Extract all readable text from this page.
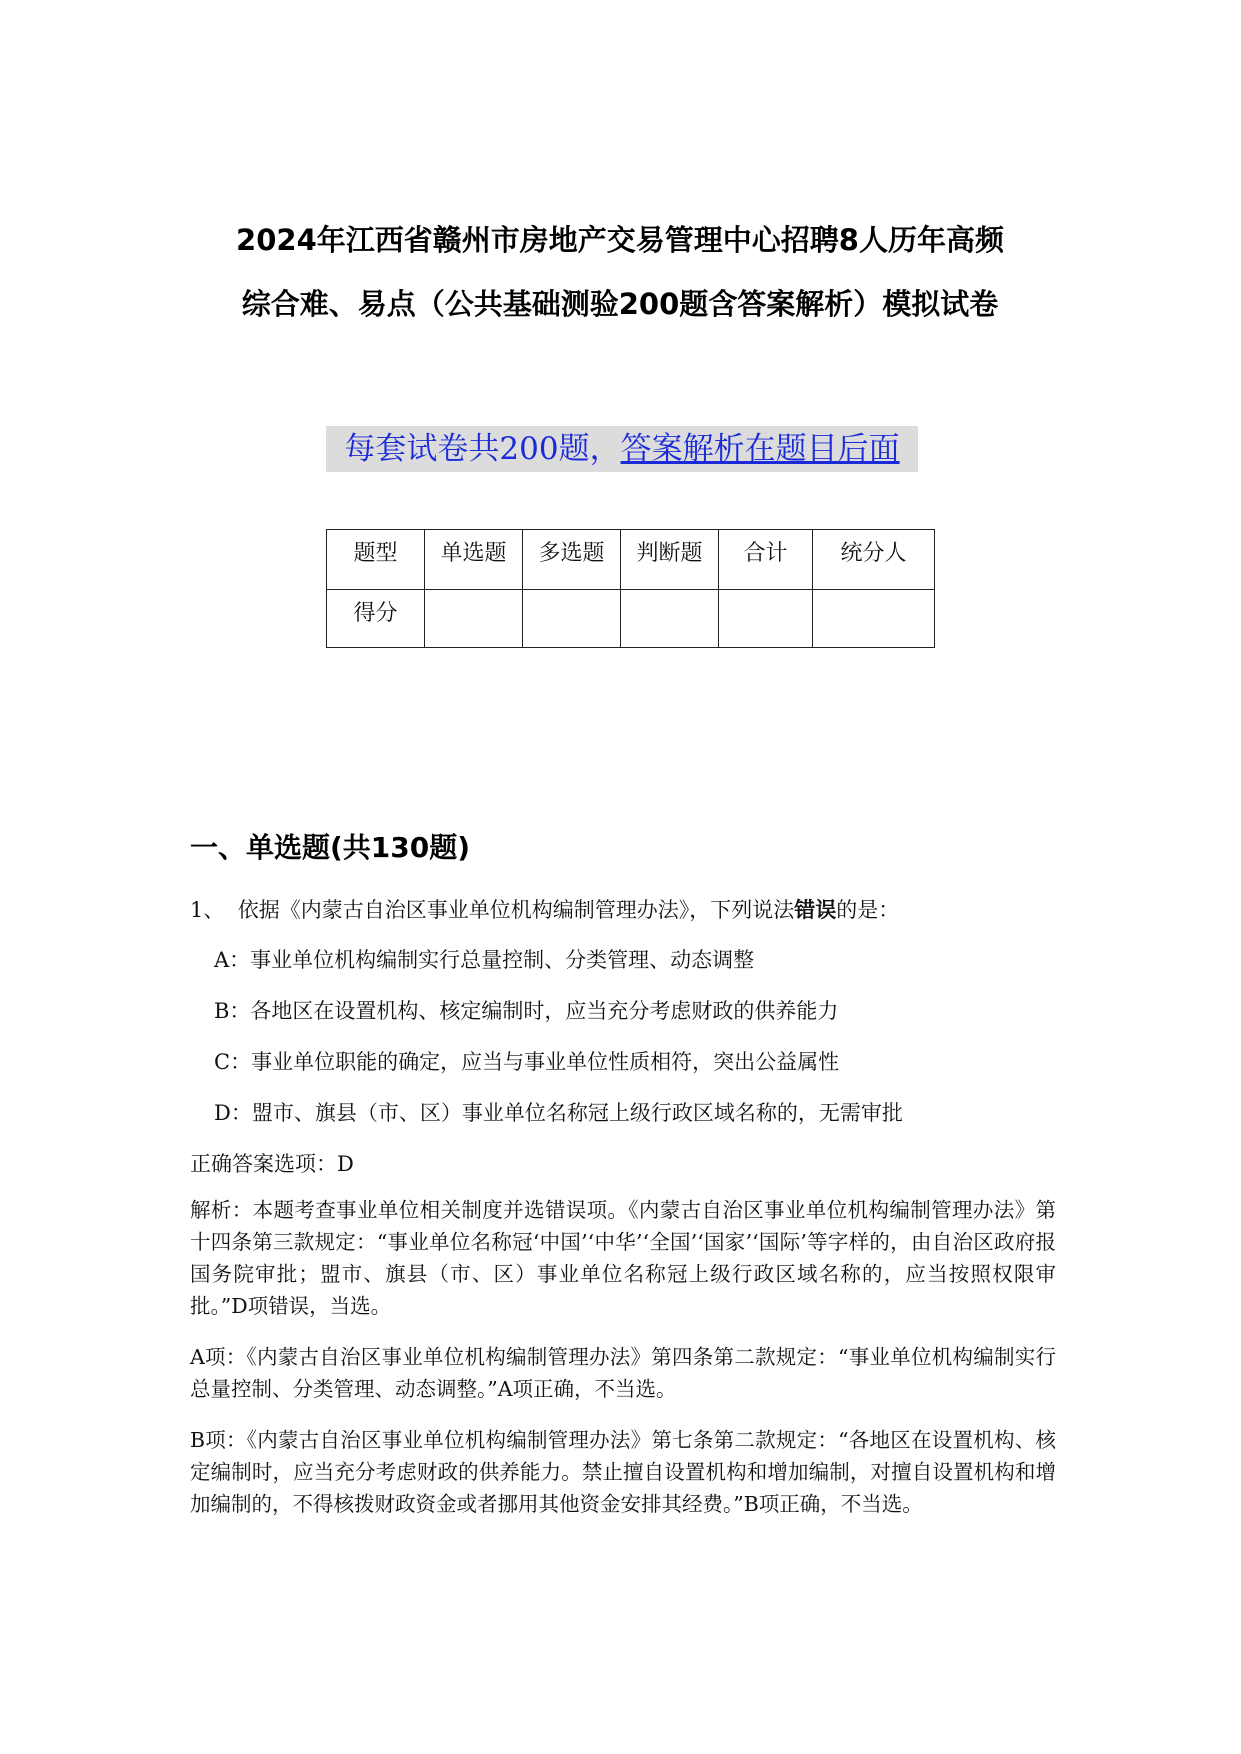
2024年江西省赣州市房地产交易管理中心招聘8人历年高频
综合难、易点（公共基础测验200题含答案解析）模拟试卷
每套试卷共200题，答案解析在题目后面
题型	单选题	多选题	判断题	合计	统分人
得分					
一、单选题(共130题)
1、 依据《内蒙古自治区事业单位机构编制管理办法》，下列说法错误的是：
A：事业单位机构编制实行总量控制、分类管理、动态调整
B：各地区在设置机构、核定编制时，应当充分考虑财政的供养能力
C：事业单位职能的确定，应当与事业单位性质相符，突出公益属性
D：盟市、旗县（市、区）事业单位名称冠上级行政区域名称的，无需审批
正确答案选项：D
解析：本题考查事业单位相关制度并选错误项。《内蒙古自治区事业单位机构编制管理办法》第十四条第三款规定：“事业单位名称冠‘中国’‘中华’‘全国’‘国家’‘国际’等字样的，由自治区政府报国务院审批；盟市、旗县（市、区）事业单位名称冠上级行政区域名称的，应当按照权限审批。”D项错误，当选。
A项：《内蒙古自治区事业单位机构编制管理办法》第四条第二款规定：“事业单位机构编制实行总量控制、分类管理、动态调整。”A项正确，不当选。
B项：《内蒙古自治区事业单位机构编制管理办法》第七条第二款规定：“各地区在设置机构、核定编制时，应当充分考虑财政的供养能力。禁止擅自设置机构和增加编制，对擅自设置机构和增加编制的，不得核拨财政资金或者挪用其他资金安排其经费。”B项正确，不当选。
